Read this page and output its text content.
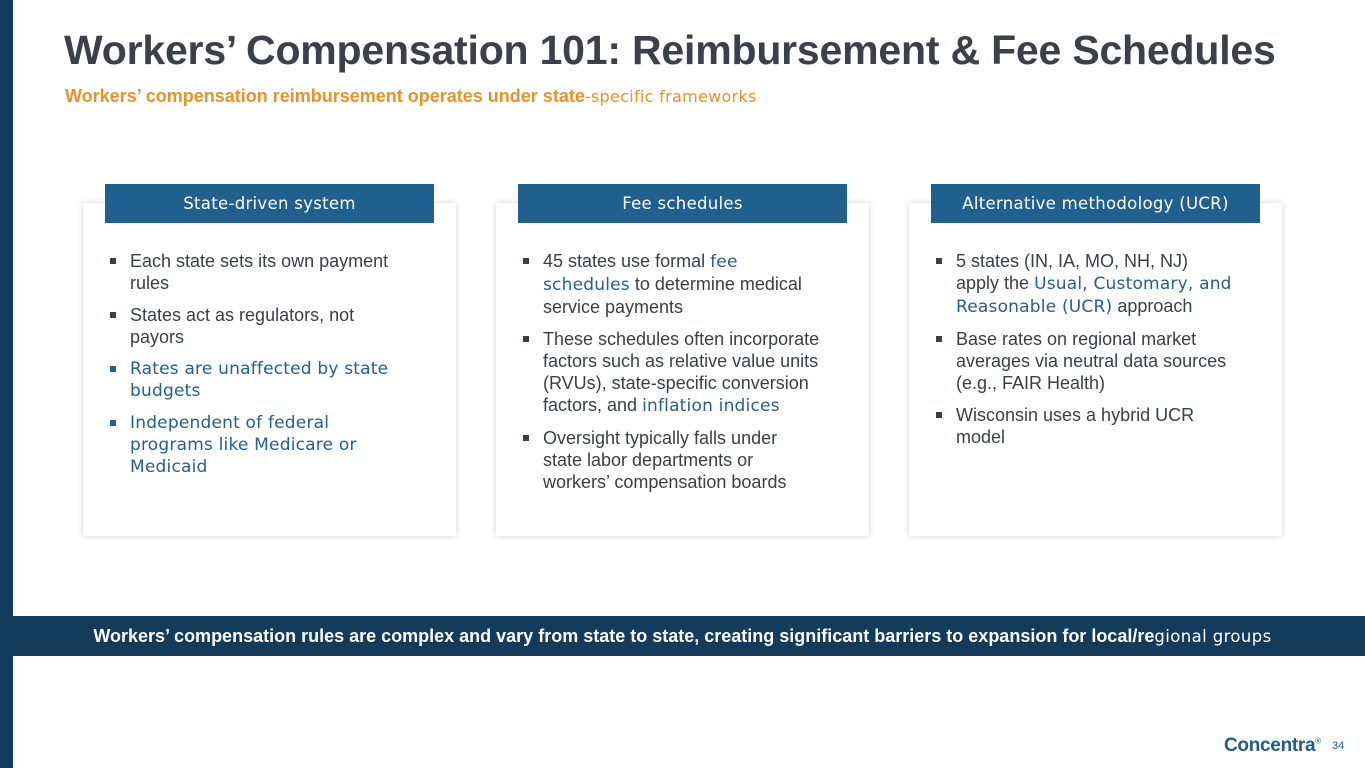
Workers’ Compensation 101: Reimbursement & Fee Schedules
Workers’ compensation reimbursement operates under state-specific frameworks
State-driven system
Each state sets its own payment rules
States act as regulators, not payors
Rates are unaffected by state budgets
Independent of federal programs like Medicare or Medicaid
Fee schedules
45 states use formal fee schedules to determine medical service payments
These schedules often incorporate factors such as relative value units (RVUs), state-specific conversion factors, and inflation indices
Oversight typically falls under state labor departments or workers’ compensation boards
Alternative methodology (UCR)
5 states (IN, IA, MO, NH, NJ) apply the Usual, Customary, and Reasonable (UCR) approach
Base rates on regional market averages via neutral data sources (e.g., FAIR Health)
Wisconsin uses a hybrid UCR model
Workers’ compensation rules are complex and vary from state to state, creating significant barriers to expansion for local/re gional groups
Concentra® 34
